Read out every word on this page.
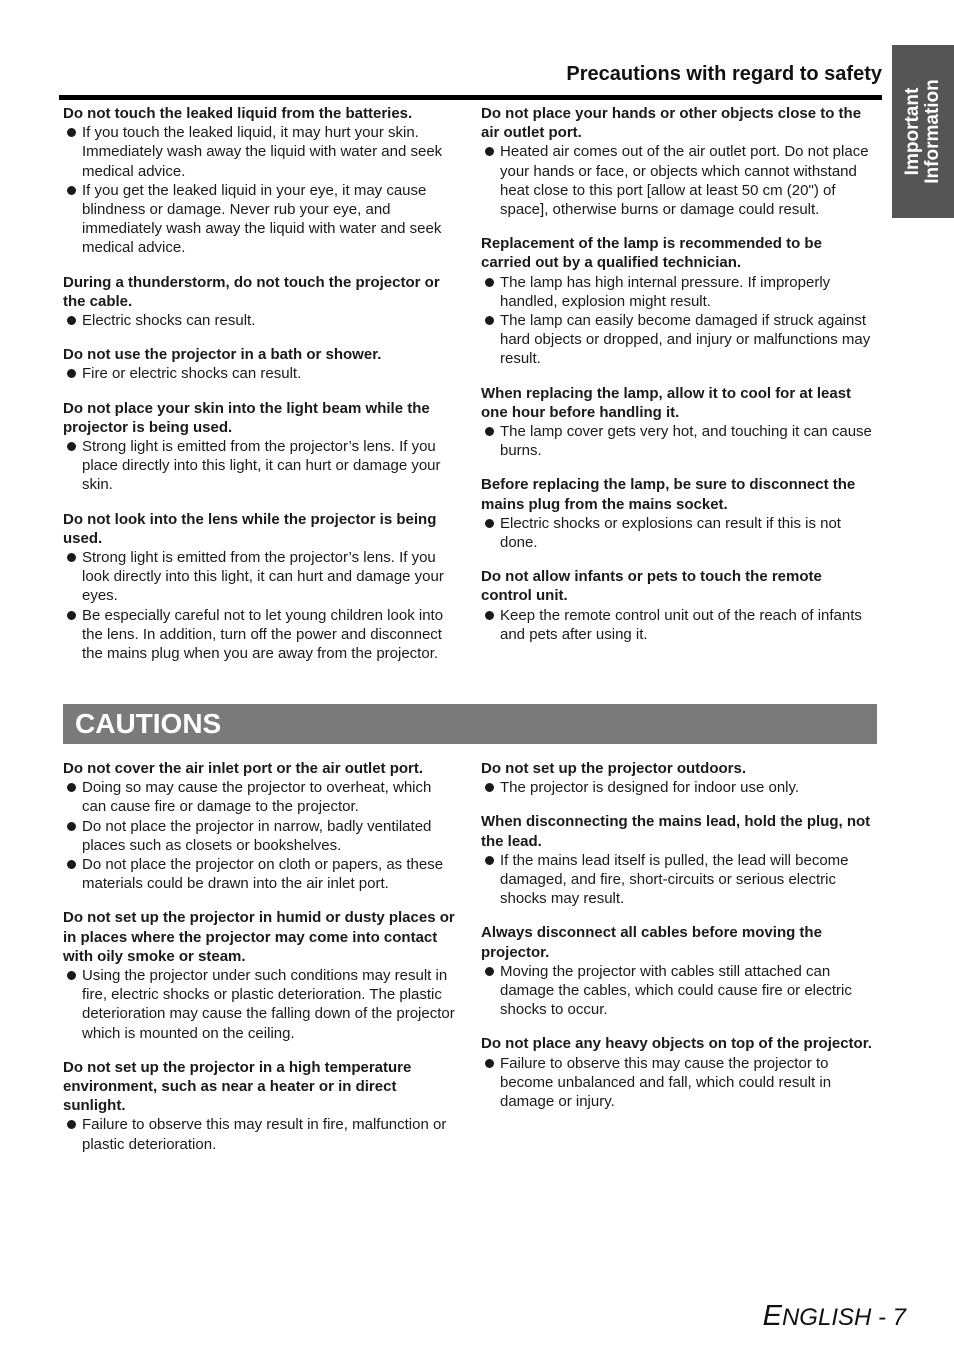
Important Information
Precautions with regard to safety
Do not touch the leaked liquid from the batteries.
If you touch the leaked liquid, it may hurt your skin. Immediately wash away the liquid with water and seek medical advice.
If you get the leaked liquid in your eye, it may cause blindness or damage. Never rub your eye, and immediately wash away the liquid with water and seek medical advice.
During a thunderstorm, do not touch the projector or the cable.
Electric shocks can result.
Do not use the projector in a bath or shower.
Fire or electric shocks can result.
Do not place your skin into the light beam while the projector is being used.
Strong light is emitted from the projector’s lens. If you place directly into this light, it can hurt or damage your skin.
Do not look into the lens while the projector is being used.
Strong light is emitted from the projector’s lens. If you look directly into this light, it can hurt and damage your eyes.
Be especially careful not to let young children look into the lens. In addition, turn off the power and disconnect the mains plug when you are away from the projector.
Do not place your hands or other objects close to the air outlet port.
Heated air comes out of the air outlet port. Do not place your hands or face, or objects which cannot withstand heat close to this port [allow at least 50 cm (20") of space], otherwise burns or damage could result.
Replacement of the lamp is recommended to be carried out by a qualified technician.
The lamp has high internal pressure. If improperly handled, explosion might result.
The lamp can easily become damaged if struck against hard objects or dropped, and injury or malfunctions may result.
When replacing the lamp, allow it to cool for at least one hour before handling it.
The lamp cover gets very hot, and touching it can cause burns.
Before replacing the lamp, be sure to disconnect the mains plug from the mains socket.
Electric shocks or explosions can result if this is not done.
Do not allow infants or pets to touch the remote control unit.
Keep the remote control unit out of the reach of infants and pets after using it.
CAUTIONS
Do not cover the air inlet port or the air outlet port.
Doing so may cause the projector to overheat, which can cause fire or damage to the projector.
Do not place the projector in narrow, badly ventilated places such as closets or bookshelves.
Do not place the projector on cloth or papers, as these materials could be drawn into the air inlet port.
Do not set up the projector in humid or dusty places or in places where the projector may come into contact with oily smoke or steam.
Using the projector under such conditions may result in fire, electric shocks or plastic deterioration. The plastic deterioration may cause the falling down of the projector which is mounted on the ceiling.
Do not set up the projector in a high temperature environment, such as near a heater or in direct sunlight.
Failure to observe this may result in fire, malfunction or plastic deterioration.
Do not set up the projector outdoors.
The projector is designed for indoor use only.
When disconnecting the mains lead, hold the plug, not the lead.
If the mains lead itself is pulled, the lead will become damaged, and fire, short-circuits or serious electric shocks may result.
Always disconnect all cables before moving the projector.
Moving the projector with cables still attached can damage the cables, which could cause fire or electric shocks to occur.
Do not place any heavy objects on top of the projector.
Failure to observe this may cause the projector to become unbalanced and fall, which could result in damage or injury.
ENGLISH - 7
